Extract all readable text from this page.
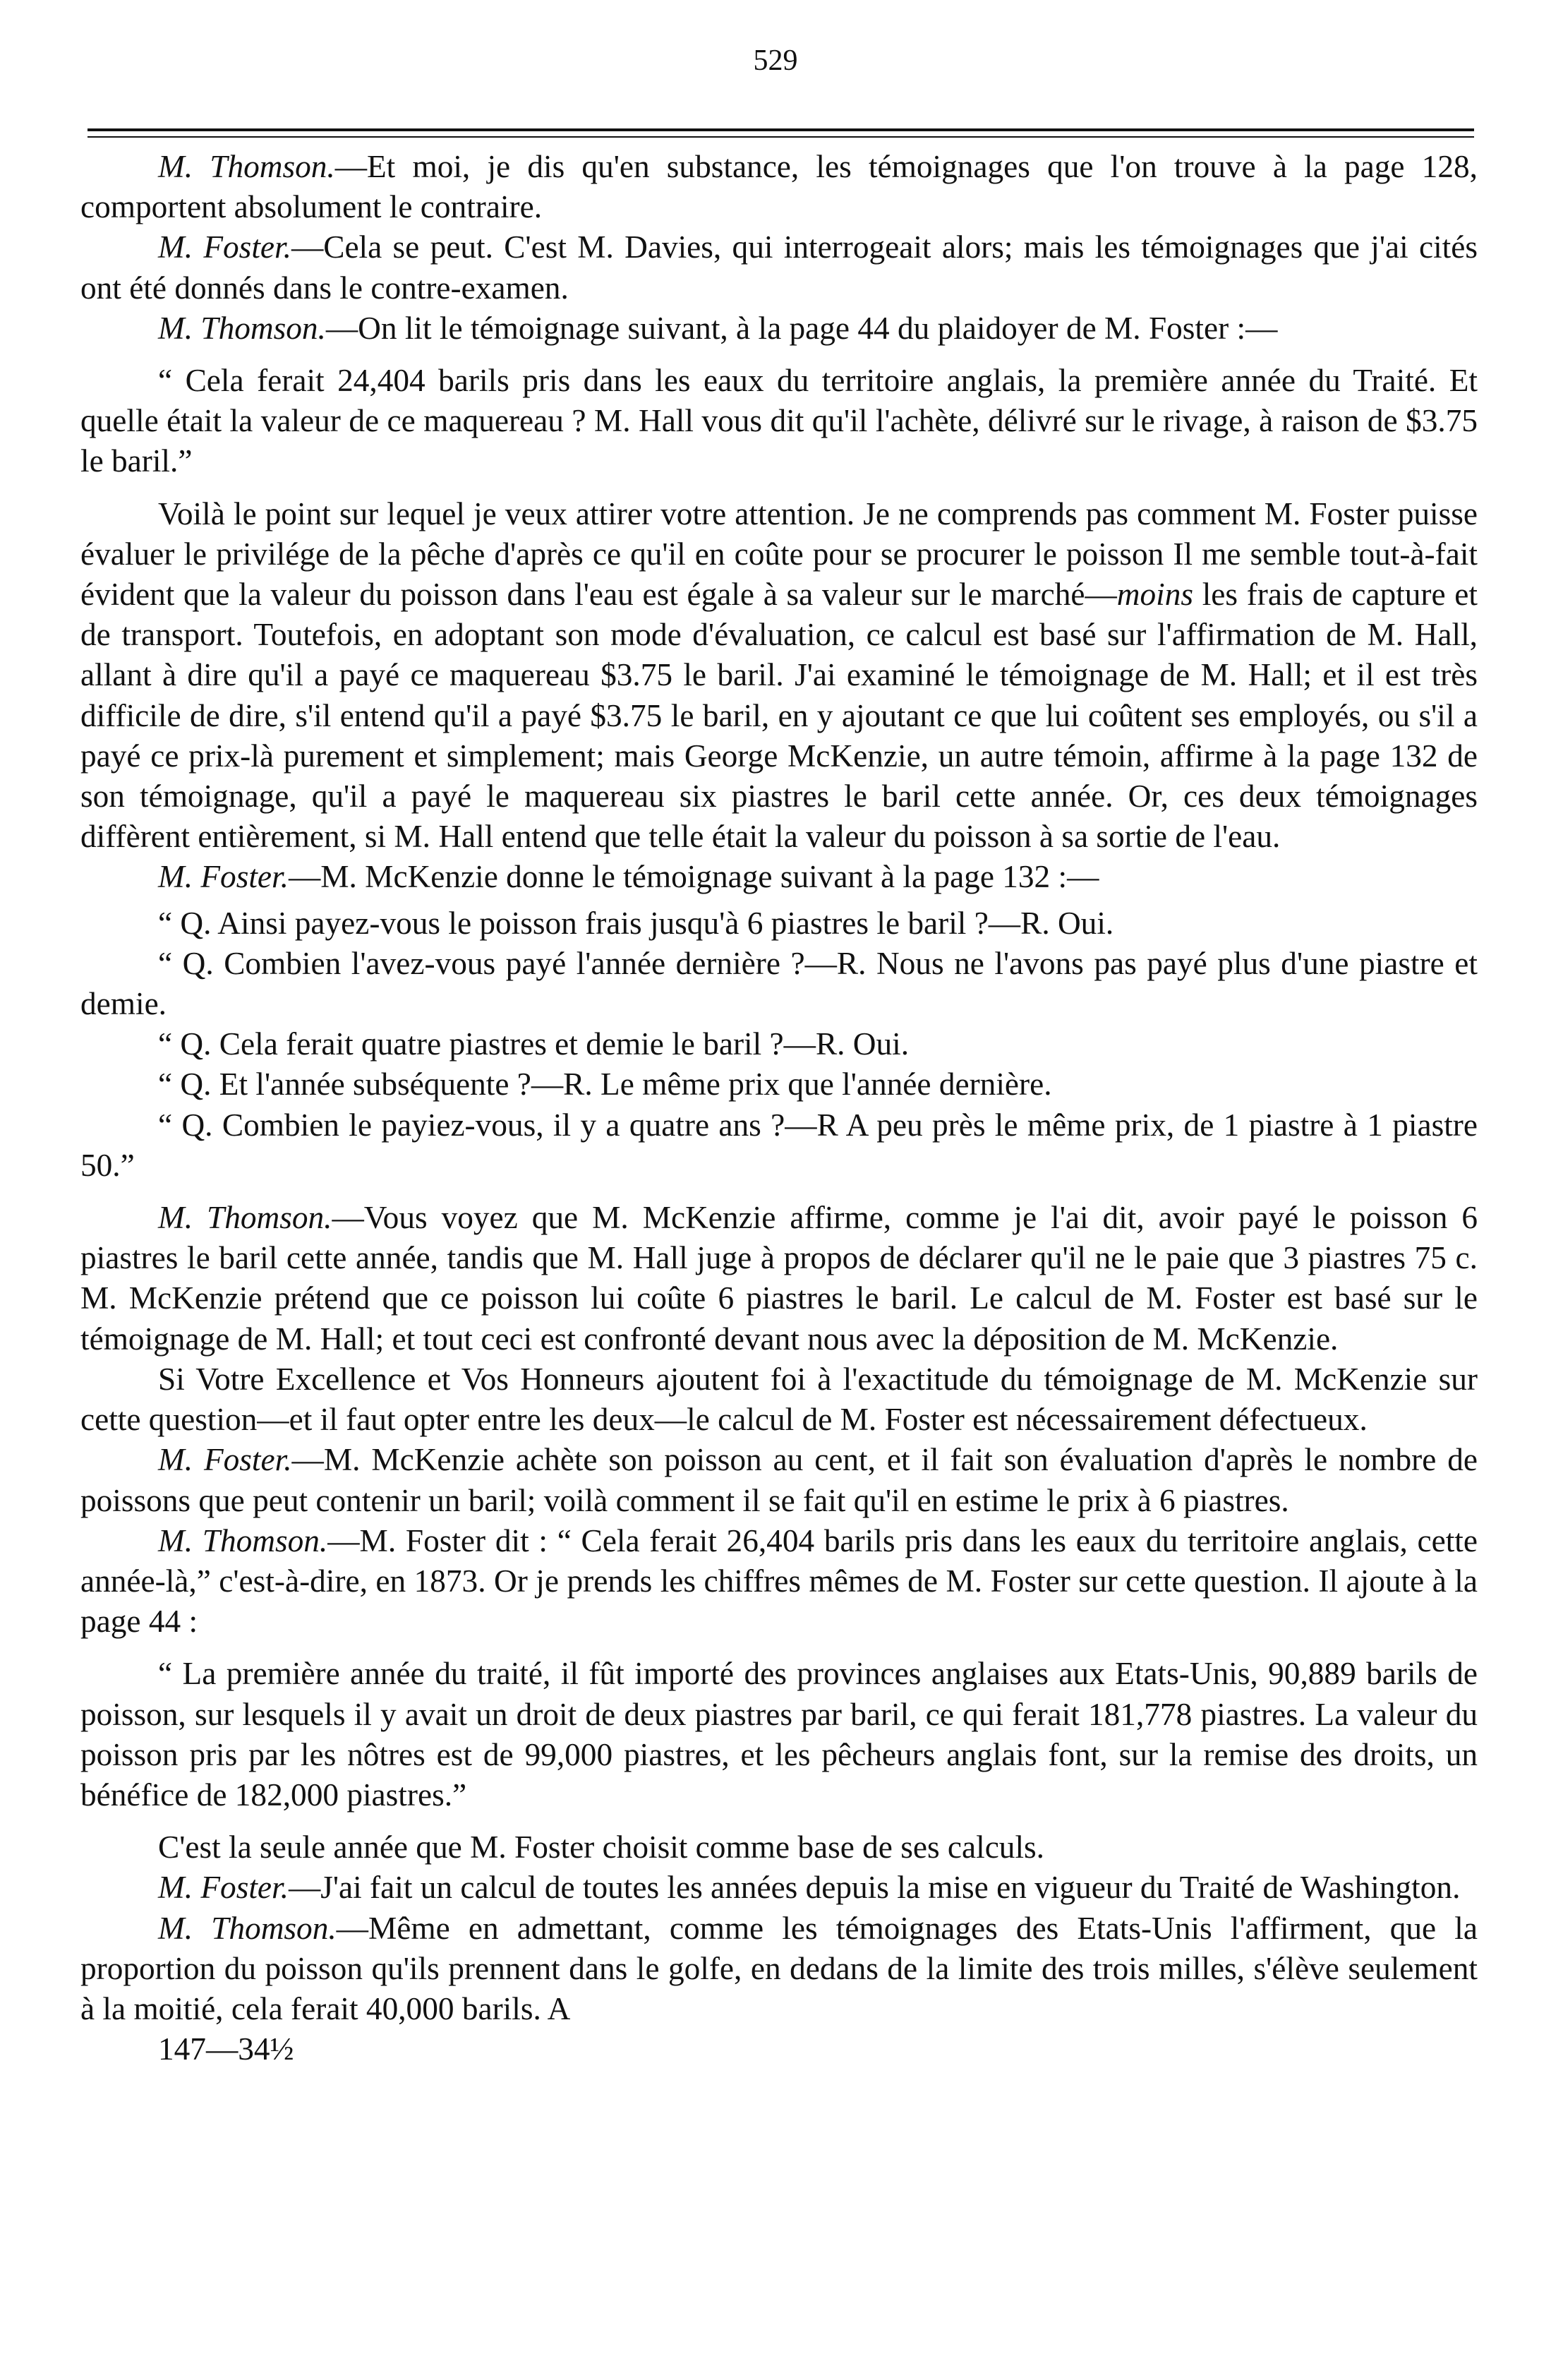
529

M. Thomson.—Et moi, je dis qu'en substance, les témoignages que l'on trouve à la page 128, comportent absolument le contraire.

M. Foster.—Cela se peut. C'est M. Davies, qui interrogeait alors; mais les témoignages que j'ai cités ont été donnés dans le contre-examen.

M. Thomson.—On lit le témoignage suivant, à la page 44 du plaidoyer de M. Foster :—

“ Cela ferait 24,404 barils pris dans les eaux du territoire anglais, la première année du Traité. Et quelle était la valeur de ce maquereau ? M. Hall vous dit qu'il l'achète, délivré sur le rivage, à raison de $3.75 le baril.”

Voilà le point sur lequel je veux attirer votre attention. Je ne comprends pas comment M. Foster puisse évaluer le privilége de la pêche d'après ce qu'il en coûte pour se procurer le poisson Il me semble tout-à-fait évident que la valeur du poisson dans l'eau est égale à sa valeur sur le marché—moins les frais de capture et de transport. Toutefois, en adoptant son mode d'évaluation, ce calcul est basé sur l'affirmation de M. Hall, allant à dire qu'il a payé ce maquereau $3.75 le baril. J'ai examiné le témoignage de M. Hall; et il est très difficile de dire, s'il entend qu'il a payé $3.75 le baril, en y ajoutant ce que lui coûtent ses employés, ou s'il a payé ce prix-là purement et simplement; mais George McKenzie, un autre témoin, affirme à la page 132 de son témoignage, qu'il a payé le maquereau six piastres le baril cette année. Or, ces deux témoignages diffèrent entièrement, si M. Hall entend que telle était la valeur du poisson à sa sortie de l'eau.

M. Foster.—M. McKenzie donne le témoignage suivant à la page 132 :—

“ Q. Ainsi payez-vous le poisson frais jusqu'à 6 piastres le baril ?—R. Oui.

“ Q. Combien l'avez-vous payé l'année dernière ?—R. Nous ne l'avons pas payé plus d'une piastre et demie.

“ Q. Cela ferait quatre piastres et demie le baril ?—R. Oui.

“ Q. Et l'année subséquente ?—R. Le même prix que l'année dernière.

“ Q. Combien le payiez-vous, il y a quatre ans ?—R A peu près le même prix, de 1 piastre à 1 piastre 50.”

M. Thomson.—Vous voyez que M. McKenzie affirme, comme je l'ai dit, avoir payé le poisson 6 piastres le baril cette année, tandis que M. Hall juge à propos de déclarer qu'il ne le paie que 3 piastres 75 c. M. McKenzie prétend que ce poisson lui coûte 6 piastres le baril. Le calcul de M. Foster est basé sur le témoignage de M. Hall; et tout ceci est confronté devant nous avec la déposition de M. McKenzie.

Si Votre Excellence et Vos Honneurs ajoutent foi à l'exactitude du témoignage de M. McKenzie sur cette question—et il faut opter entre les deux—le calcul de M. Foster est nécessairement défectueux.

M. Foster.—M. McKenzie achète son poisson au cent, et il fait son évaluation d'après le nombre de poissons que peut contenir un baril; voilà comment il se fait qu'il en estime le prix à 6 piastres.

M. Thomson.—M. Foster dit : “ Cela ferait 26,404 barils pris dans les eaux du territoire anglais, cette année-là,” c'est-à-dire, en 1873. Or je prends les chiffres mêmes de M. Foster sur cette question. Il ajoute à la page 44 :

“ La première année du traité, il fût importé des provinces anglaises aux Etats-Unis, 90,889 barils de poisson, sur lesquels il y avait un droit de deux piastres par baril, ce qui ferait 181,778 piastres. La valeur du poisson pris par les nôtres est de 99,000 piastres, et les pêcheurs anglais font, sur la remise des droits, un bénéfice de 182,000 piastres.”

C'est la seule année que M. Foster choisit comme base de ses calculs.

M. Foster.—J'ai fait un calcul de toutes les années depuis la mise en vigueur du Traité de Washington.

M. Thomson.—Même en admettant, comme les témoignages des Etats-Unis l'affirment, que la proportion du poisson qu'ils prennent dans le golfe, en dedans de la limite des trois milles, s'élève seulement à la moitié, cela ferait 40,000 barils. A

147—34½
